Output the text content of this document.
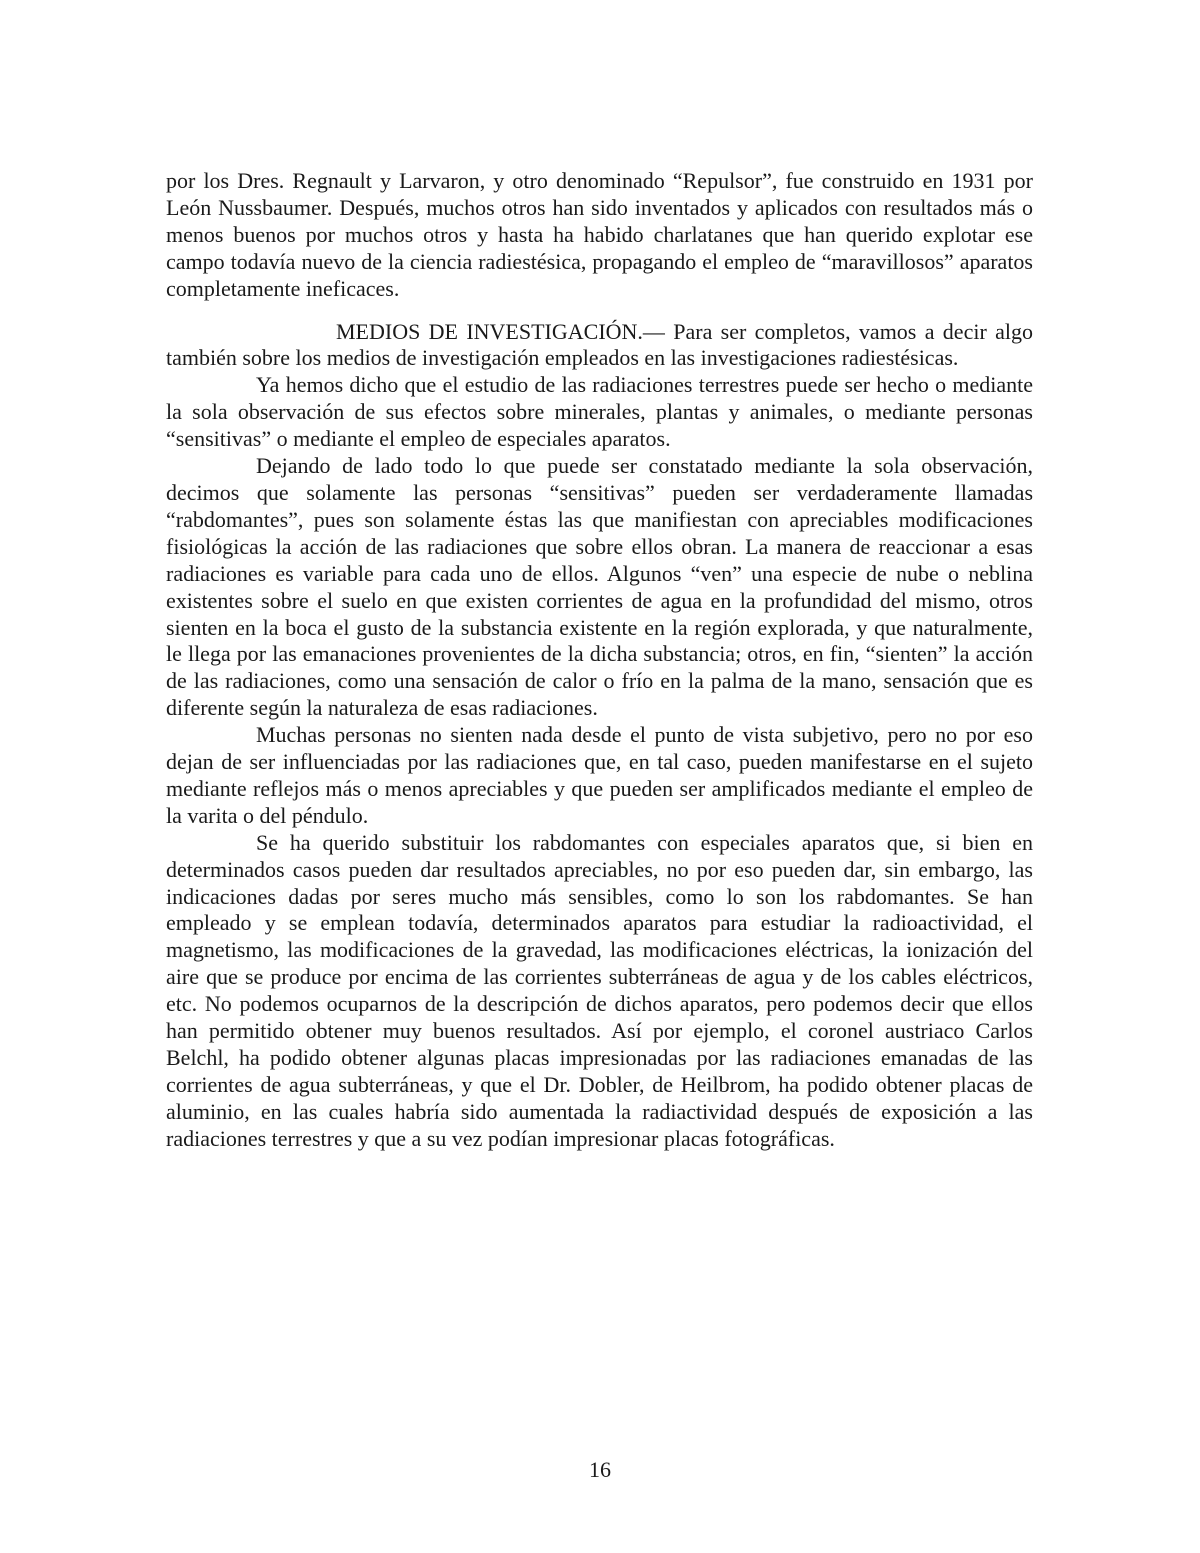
por los Dres. Regnault y Larvaron, y otro denominado “Repulsor”, fue construido en 1931 por León Nussbaumer. Después, muchos otros han sido inventados y aplicados con resultados más o menos buenos por muchos otros y hasta ha habido charlatanes que han querido explotar ese campo todavía nuevo de la ciencia radiestésica, propagando el empleo de “maravillosos” aparatos completamente ineficaces.

MEDIOS DE INVESTIGACIÓN.— Para ser completos, vamos a decir algo también sobre los medios de investigación empleados en las investigaciones radiestésicas.

Ya hemos dicho que el estudio de las radiaciones terrestres puede ser hecho o mediante la sola observación de sus efectos sobre minerales, plantas y animales, o mediante personas “sensitivas” o mediante el empleo de especiales aparatos.

Dejando de lado todo lo que puede ser constatado mediante la sola observación, decimos que solamente las personas “sensitivas” pueden ser verdaderamente llamadas “rabdomantes”, pues son solamente éstas las que manifiestan con apreciables modificaciones fisiológicas la acción de las radiaciones que sobre ellos obran. La manera de reaccionar a esas radiaciones es variable para cada uno de ellos. Algunos “ven” una especie de nube o neblina existentes sobre el suelo en que existen corrientes de agua en la profundidad del mismo, otros sienten en la boca el gusto de la substancia existente en la región explorada, y que naturalmente, le llega por las emanaciones provenientes de la dicha substancia; otros, en fin, “sienten” la acción de las radiaciones, como una sensación de calor o frío en la palma de la mano, sensación que es diferente según la naturaleza de esas radiaciones.

Muchas personas no sienten nada desde el punto de vista subjetivo, pero no por eso dejan de ser influenciadas por las radiaciones que, en tal caso, pueden manifestarse en el sujeto mediante reflejos más o menos apreciables y que pueden ser amplificados mediante el empleo de la varita o del péndulo.

Se ha querido substituir los rabdomantes con especiales aparatos que, si bien en determinados casos pueden dar resultados apreciables, no por eso pueden dar, sin embargo, las indicaciones dadas por seres mucho más sensibles, como lo son los rabdomantes. Se han empleado y se emplean todavía, determinados aparatos para estudiar la radioactividad, el magnetismo, las modificaciones de la gravedad, las modificaciones eléctricas, la ionización del aire que se produce por encima de las corrientes subterráneas de agua y de los cables eléctricos, etc. No podemos ocuparnos de la descripción de dichos aparatos, pero podemos decir que ellos han permitido obtener muy buenos resultados. Así por ejemplo, el coronel austriaco Carlos Belchl, ha podido obtener algunas placas impresionadas por las radiaciones emanadas de las corrientes de agua subterráneas, y que el Dr. Dobler, de Heilbrom, ha podido obtener placas de aluminio, en las cuales habría sido aumentada la radiactividad después de exposición a las radiaciones terrestres y que a su vez podían impresionar placas fotográficas.

16
